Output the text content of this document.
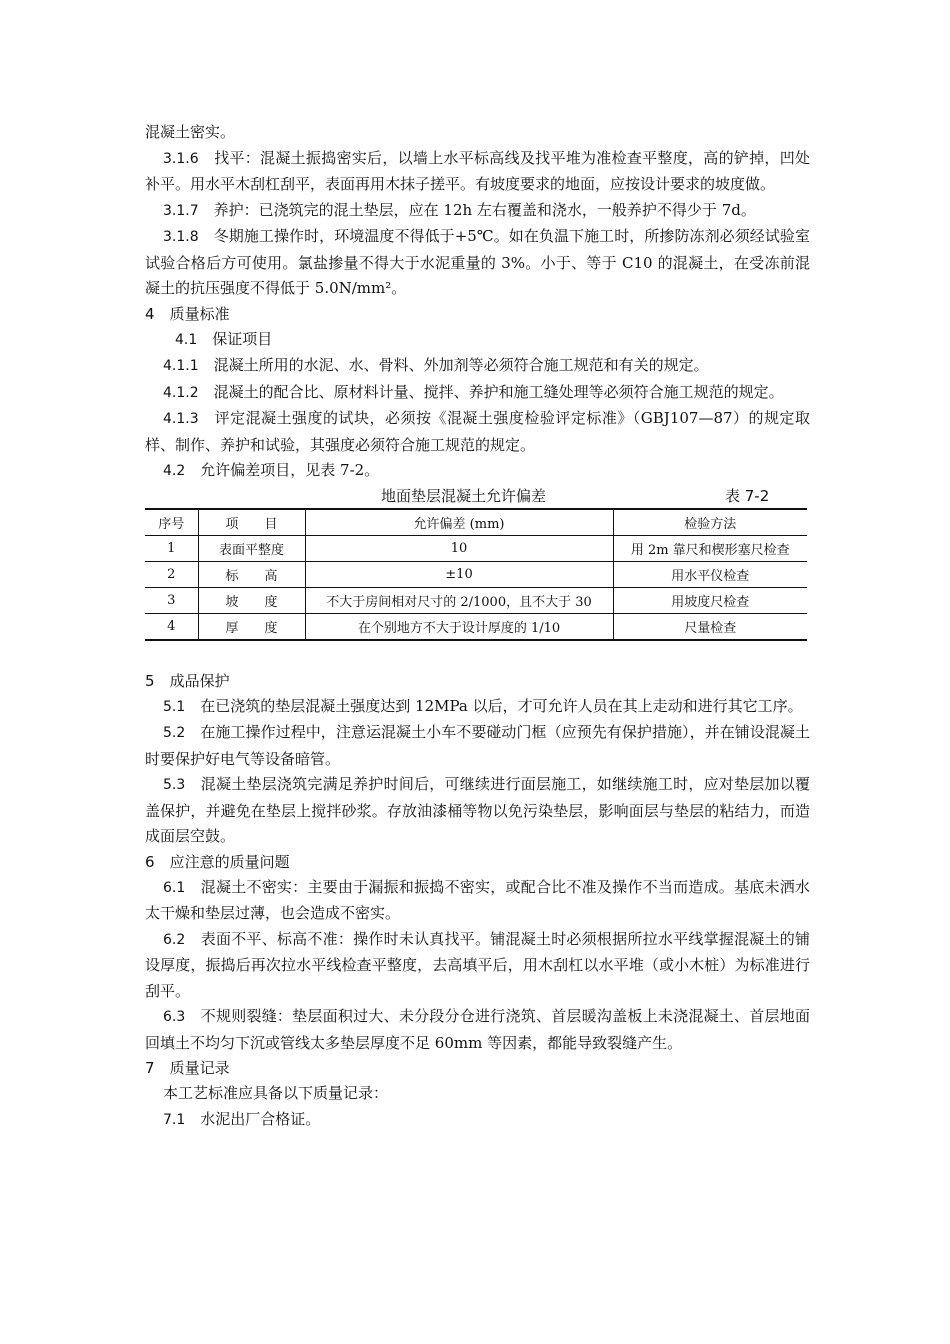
混凝土密实。

3.1.6　 找平：混凝土振捣密实后，以墙上水平标高线及找平堆为准检查平整度，高的铲掉，凹处补平。用水平木刮杠刮平，表面再用木抹子搓平。有坡度要求的地面，应按设计要求的坡度做。

3.1.7　 养护：已浇筑完的混土垫层，应在 12h 左右覆盖和浇水，一般养护不得少于 7d。

3.1.8　 冬期施工操作时，环境温度不得低于+5℃。如在负温下施工时，所掺防冻剂必须经试验室试验合格后方可使用。氯盐掺量不得大于水泥重量的 3%。小于、等于 C10 的混凝土，在受冻前混凝土的抗压强度不得低于 5.0N/mm²。

4　 质量标准

4.1　 保证项目

4.1.1　 混凝土所用的水泥、水、骨料、外加剂等必须符合施工规范和有关的规定。

4.1.2　 混凝土的配合比、原材料计量、搅拌、养护和施工缝处理等必须符合施工规范的规定。

4.1.3　 评定混凝土强度的试块，必须按《混凝土强度检验评定标准》（GBJ107—87）的规定取样、制作、养护和试验，其强度必须符合施工规范的规定。

4.2　 允许偏差项目，见表 7-2。

地面垫层混凝土允许偏差	表 7-2
序号	项　　目	允许偏差 (mm)	检验方法
1	表面平整度	10	用 2m 靠尺和楔形塞尺检查
2	标　　高	±10	用水平仪检查
3	坡　　度	不大于房间相对尺寸的 2/1000，且不大于 30	用坡度尺检查
4	厚　　度	在个别地方不大于设计厚度的 1/10	尺量检查

5　 成品保护

5.1　 在已浇筑的垫层混凝土强度达到 12MPa 以后，才可允许人员在其上走动和进行其它工序。

5.2　 在施工操作过程中，注意运混凝土小车不要碰动门框（应预先有保护措施），并在铺设混凝土时要保护好电气等设备暗管。

5.3　 混凝土垫层浇筑完满足养护时间后，可继续进行面层施工，如继续施工时，应对垫层加以覆盖保护，并避免在垫层上搅拌砂浆。存放油漆桶等物以免污染垫层，影响面层与垫层的粘结力，而造成面层空鼓。

6　 应注意的质量问题

6.1　 混凝土不密实：主要由于漏振和振捣不密实，或配合比不准及操作不当而造成。基底未洒水太干燥和垫层过薄，也会造成不密实。

6.2　 表面不平、标高不准：操作时未认真找平。铺混凝土时必须根据所拉水平线掌握混凝土的铺设厚度，振捣后再次拉水平线检查平整度，去高填平后，用木刮杠以水平堆（或小木桩）为标准进行刮平。

6.3　 不规则裂缝：垫层面积过大、未分段分仓进行浇筑、首层暖沟盖板上未浇混凝土、首层地面回填土不均匀下沉或管线太多垫层厚度不足 60mm 等因素，都能导致裂缝产生。

7　 质量记录

本工艺标准应具备以下质量记录：

7.1　 水泥出厂合格证。
